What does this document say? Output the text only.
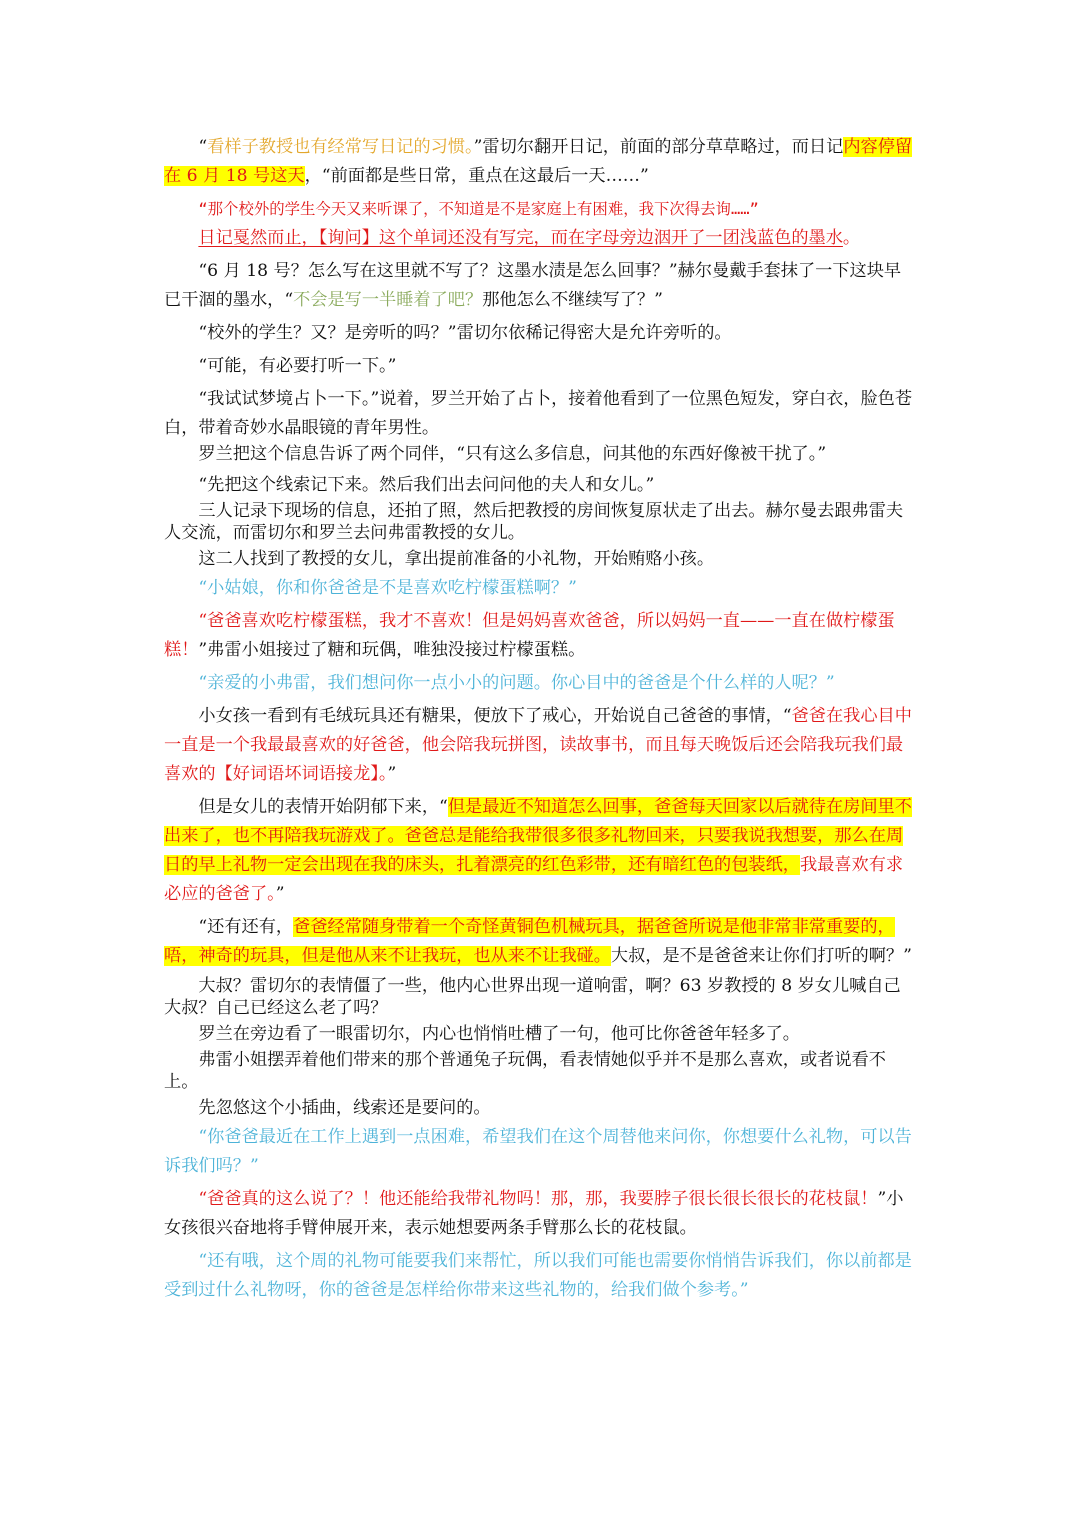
“看样子教授也有经常写日记的习惯。”雷切尔翻开日记，前面的部分草草略过，而日记内容停留在 6 月 18 号这天，“前面都是些日常，重点在这最后一天……”

“那个校外的学生今天又来听课了，不知道是不是家庭上有困难，我下次得去询……”

日记戛然而止，【询问】这个单词还没有写完，而在字母旁边洇开了一团浅蓝色的墨水。

“6 月 18 号？怎么写在这里就不写了？这墨水渍是怎么回事？”赫尔曼戴手套抹了一下这块早已干涸的墨水，“不会是写一半睡着了吧？那他怎么不继续写了？”

“校外的学生？又？是旁听的吗？”雷切尔依稀记得密大是允许旁听的。

“可能，有必要打听一下。”

“我试试梦境占卜一下。”说着，罗兰开始了占卜，接着他看到了一位黑色短发，穿白衣，脸色苍白，带着奇妙水晶眼镜的青年男性。

罗兰把这个信息告诉了两个同伴，“只有这么多信息，问其他的东西好像被干扰了。”

“先把这个线索记下来。然后我们出去问问他的夫人和女儿。”

三人记录下现场的信息，还拍了照，然后把教授的房间恢复原状走了出去。赫尔曼去跟弗雷夫人交流，而雷切尔和罗兰去问弗雷教授的女儿。

这二人找到了教授的女儿，拿出提前准备的小礼物，开始贿赂小孩。

“小姑娘，你和你爸爸是不是喜欢吃柠檬蛋糕啊？”

“爸爸喜欢吃柠檬蛋糕，我才不喜欢！但是妈妈喜欢爸爸，所以妈妈一直——一直在做柠檬蛋糕！”弗雷小姐接过了糖和玩偶，唯独没接过柠檬蛋糕。

“亲爱的小弗雷，我们想问你一点小小的问题。你心目中的爸爸是个什么样的人呢？”

小女孩一看到有毛绒玩具还有糖果，便放下了戒心，开始说自己爸爸的事情，“爸爸在我心目中一直是一个我最最喜欢的好爸爸，他会陪我玩拼图，读故事书，而且每天晚饭后还会陪我玩我们最喜欢的【好词语坏词语接龙】。”

但是女儿的表情开始阴郁下来，“但是最近不知道怎么回事，爸爸每天回家以后就待在房间里不出来了，也不再陪我玩游戏了。爸爸总是能给我带很多很多礼物回来，只要我说我想要，那么在周日的早上礼物一定会出现在我的床头，扎着漂亮的红色彩带，还有暗红色的包装纸，我最喜欢有求必应的爸爸了。”

“还有还有，爸爸经常随身带着一个奇怪黄铜色机械玩具，据爸爸所说是他非常非常重要的，唔，神奇的玩具，但是他从来不让我玩，也从来不让我碰。大叔，是不是爸爸来让你们打听的啊？”

大叔？雷切尔的表情僵了一些，他内心世界出现一道响雷，啊？63 岁教授的 8 岁女儿喊自己大叔？自己已经这么老了吗？

罗兰在旁边看了一眼雷切尔，内心也悄悄吐槽了一句，他可比你爸爸年轻多了。

弗雷小姐摆弄着他们带来的那个普通兔子玩偶，看表情她似乎并不是那么喜欢，或者说看不上。

先忽悠这个小插曲，线索还是要问的。

“你爸爸最近在工作上遇到一点困难，希望我们在这个周替他来问你，你想要什么礼物，可以告诉我们吗？”

“爸爸真的这么说了？！他还能给我带礼物吗！那，那，我要脖子很长很长很长的花枝鼠！”小女孩很兴奋地将手臂伸展开来，表示她想要两条手臂那么长的花枝鼠。

“还有哦，这个周的礼物可能要我们来帮忙，所以我们可能也需要你悄悄告诉我们，你以前都是受到过什么礼物呀，你的爸爸是怎样给你带来这些礼物的，给我们做个参考。”
